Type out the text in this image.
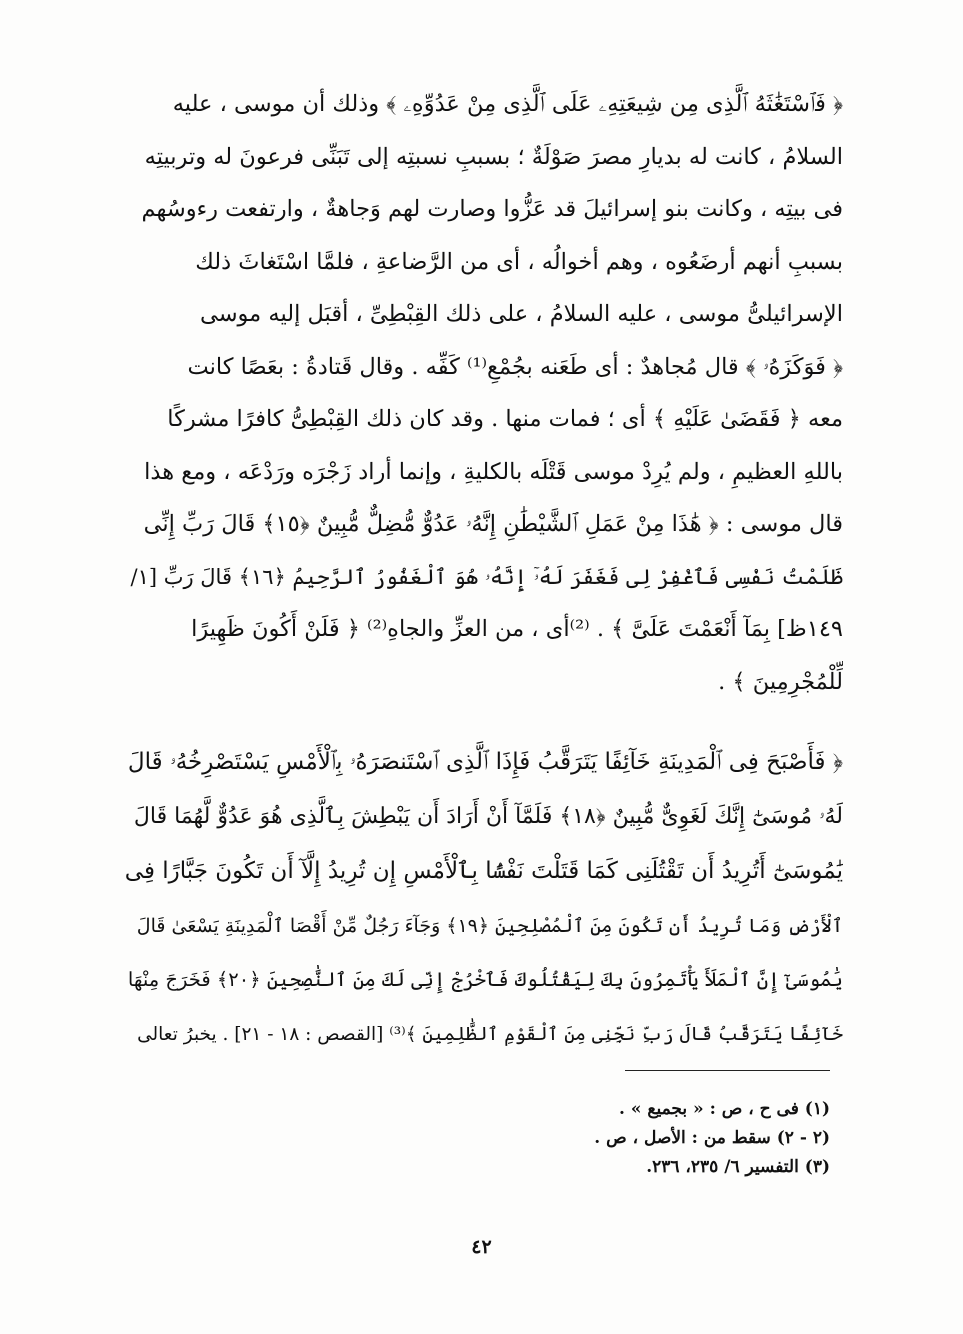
﴿ فَٱسْتَغَٰثَهُ ٱلَّذِى مِن شِيعَتِهِۦ عَلَى ٱلَّذِى مِنْ عَدُوِّهِۦ ﴾ وذلك أن موسى ، عليه
السلامُ ، كانت له بديارِ مصرَ صَوْلَةٌ ؛ بسببِ نسبتِه إلى تَبَنِّى فرعونَ له وتربيتِه
فى بيتِه ، وكانت بنو إسرائيلَ قد عَزُّوا وصارت لهم وَجاهةٌ ، وارتفعت رءوسُهم
بسببِ أنهم أرضَعُوه ، وهم أخوالُه ، أى من الرَّضاعةِ ، فلمَّا اسْتَغاثَ ذلك
الإسرائيلىُّ موسى ، عليه السلامُ ، على ذلك القِبْطِىِّ ، أقبَل إليه موسى
﴿ فَوَكَزَهُۥ ﴾ قال مُجاهدٌ : أى طَعَنه بجُمْعِ⁽¹⁾ كَفِّه . وقال قَتادةُ : بعَصًا كانت
معه ﴿ فَقَضَىٰ عَلَيْهِ ﴾ أى ؛ فمات منها . وقد كان ذلك القِبْطِىُّ كافرًا مشركًا
باللهِ العظيمِ ، ولم يُرِدْ موسى قَتْلَه بالكليةِ ، وإنما أراد زَجْرَه ورَدْعَه ، ومع هذا
قال موسى : ﴿ هَٰذَا مِنْ عَمَلِ ٱلشَّيْطَٰنِ إِنَّهُۥ عَدُوٌّ مُّضِلٌّ مُّبِينٌ ﴿١٥﴾ قَالَ رَبِّ إِنِّى
ظَلَمْتُ نَفْسِى فَٱغْفِرْ لِى فَغَفَرَ لَهُۥٓ إِنَّهُۥ هُوَ ٱلْغَفُورُ ٱلرَّحِيمُ ﴿١٦﴾ قَالَ رَبِّ [١/
١٤٩ظ] بِمَآ أَنْعَمْتَ عَلَىَّ ﴾ . ⁽²⁾أى ، من العزِّ والجاهِ⁽²⁾ ﴿ فَلَنْ أَكُونَ ظَهِيرًا
لِّلْمُجْرِمِينَ ﴾ .
﴿ فَأَصْبَحَ فِى ٱلْمَدِينَةِ خَآئِفًا يَتَرَقَّبُ فَإِذَا ٱلَّذِى ٱسْتَنصَرَهُۥ بِٱلْأَمْسِ يَسْتَصْرِخُهُۥ قَالَ
لَهُۥ مُوسَىٰٓ إِنَّكَ لَغَوِىٌّ مُّبِينٌ ﴿١٨﴾ فَلَمَّآ أَنْ أَرَادَ أَن يَبْطِشَ بِٱلَّذِى هُوَ عَدُوٌّ لَّهُمَا قَالَ
يَٰمُوسَىٰٓ أَتُرِيدُ أَن تَقْتُلَنِى كَمَا قَتَلْتَ نَفْسًۢا بِٱلْأَمْسِ إِن تُرِيدُ إِلَّآ أَن تَكُونَ جَبَّارًا فِى
ٱلْأَرْضِ وَمَا تُرِيدُ أَن تَكُونَ مِنَ ٱلْمُصْلِحِينَ ﴿١٩﴾ وَجَآءَ رَجُلٌ مِّنْ أَقْصَا ٱلْمَدِينَةِ يَسْعَىٰ قَالَ
يَٰمُوسَىٰٓ إِنَّ ٱلْمَلَأَ يَأْتَمِرُونَ بِكَ لِيَقْتُلُوكَ فَٱخْرُجْ إِنِّى لَكَ مِنَ ٱلنَّٰصِحِينَ ﴿٢٠﴾ فَخَرَجَ مِنْهَا
خَآئِفًا يَتَرَقَّبُ قَالَ رَبِّ نَجِّنِى مِنَ ٱلْقَوْمِ ٱلظَّٰلِمِينَ ﴾⁽³⁾ [القصص : ١٨ - ٢١] . يخبرُ تعالى
(١) فى ح ، ص : « بجميع » .
(٢ - ٢) سقط من : الأصل ، ص .
(٣) التفسير ٦/ ٢٣٥، ٢٣٦.
٤٢
